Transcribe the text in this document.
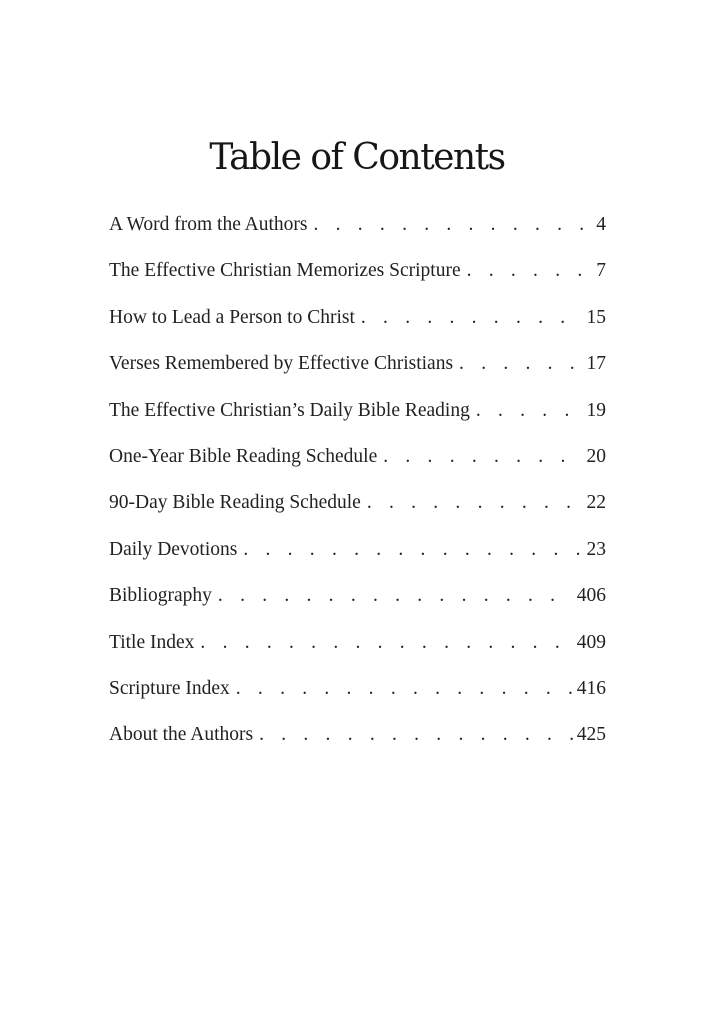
Table of Contents
A Word from the Authors . . .	4
The Effective Christian Memorizes Scripture . . .	7
How to Lead a Person to Christ . . .	15
Verses Remembered by Effective Christians . . .	17
The Effective Christian’s Daily Bible Reading . . .	19
One-Year Bible Reading Schedule . . .	20
90-Day Bible Reading Schedule . . .	22
Daily Devotions . . .	23
Bibliography . . .	406
Title Index . . .	409
Scripture Index . . .	416
About the Authors . . .	425
